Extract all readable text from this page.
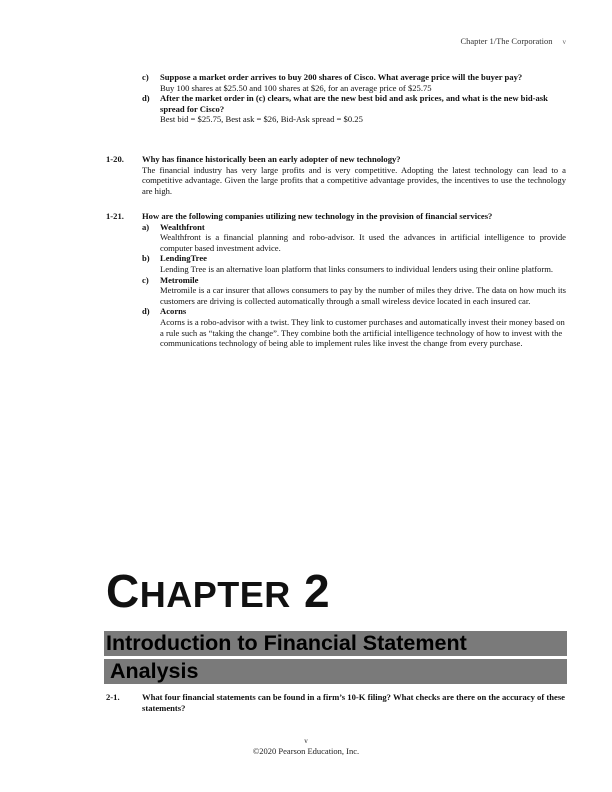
Chapter 1/The Corporation v
c) Suppose a market order arrives to buy 200 shares of Cisco. What average price will the buyer pay?
Buy 100 shares at $25.50 and 100 shares at $26, for an average price of $25.75
d) After the market order in (c) clears, what are the new best bid and ask prices, and what is the new bid-ask spread for Cisco?
Best bid = $25.75, Best ask = $26, Bid-Ask spread = $0.25
1-20. Why has finance historically been an early adopter of new technology?
The financial industry has very large profits and is very competitive. Adopting the latest technology can lead to a competitive advantage. Given the large profits that a competitive advantage provides, the incentives to use the technology are high.
1-21. How are the following companies utilizing new technology in the provision of financial services?
a) Wealthfront
Wealthfront is a financial planning and robo-advisor. It used the advances in artificial intelligence to provide computer based investment advice.
b) LendingTree
Lending Tree is an alternative loan platform that links consumers to individual lenders using their online platform.
c) Metromile
Metromile is a car insurer that allows consumers to pay by the number of miles they drive. The data on how much its customers are driving is collected automatically through a small wireless device located in each insured car.
d) Acorns
Acorns is a robo-advisor with a twist. They link to customer purchases and automatically invest their money based on a rule such as “taking the change”. They combine both the artificial intelligence technology of how to invest with the communications technology of being able to implement rules like invest the change from every purchase.
CHAPTER 2
Introduction to Financial Statement
Analysis
2-1.	What four financial statements can be found in a firm’s 10-K filing? What checks are there on the accuracy of these statements?
v
©2020 Pearson Education, Inc.
